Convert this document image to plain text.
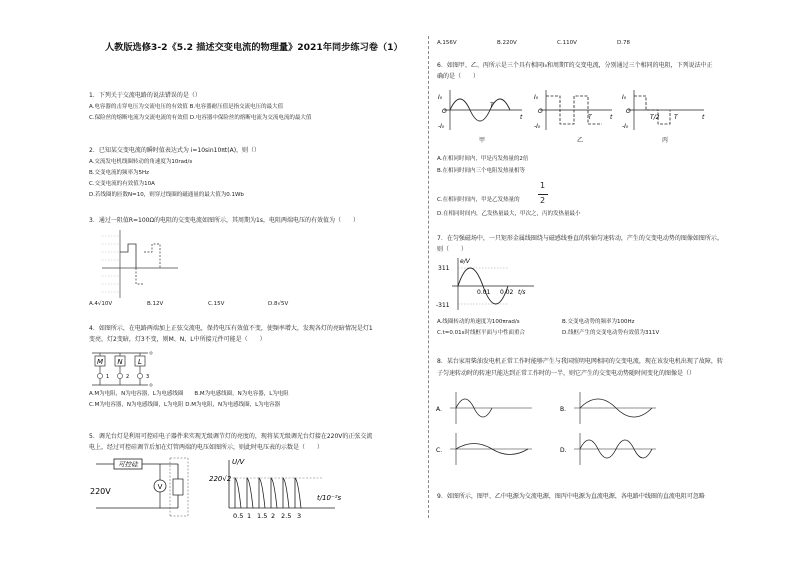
人教版选修3-2《5.2 描述交变电流的物理量》2021年同步练习卷（1）
1．下列关于交流电路的说法错误的是（）
A.电容器的击穿电压为交流电压的有效值 B.电容器耐压值是指交流电压的最大值
C.保险丝的熔断电流为交流电流的有效值 D.电容器中保险丝的熔断电流为交流电流的最大值
2．已知某交变电流的瞬时值表达式为 i=10sin10πt(A)，则（）
A.交流发电机线圈转动的角速度为10rad/s
B.交变电流的频率为5Hz
C.交变电流的有效值为10A
D.若线圈的匝数N=10，则穿过线圈的磁通量的最大值为0.1Wb
3．通过一阻值R=100Ω的电阻的交变电流如图所示，其周期为1s，电阻两端电压的有效值为（　　）
A.4√10V	B.12V	C.15V	D.8√5V
4．如图所示，在电路两端加上正弦交流电，保持电压有效值不变，使频率增大，发现各灯的亮暗情况是灯1
变亮，灯2变暗，灯3不变，则M、N、L中所接元件可能是（　　）
M N L
1	2	3
A.M为电阻，N为电容器，L为电感线圈　　B.M为电感线圈，N为电容器，L为电阻
C.M为电容器，N为电感线圈，L为电阻 D.M为电阻，N为电感线圈，L为电容器
5．调光台灯是利用可控硅电子器件来实现无级调节灯的亮度的，现将某无级调光台灯接在220V的正弦交流
电上，经过可控硅调节后加在灯管两端的电压如图所示，则此时电压表的示数是（　　）
可控硅
V
220V
U/V
220√2
t/10⁻²s
0.5 1 1.5 2 2.5 3
A.156V	B.220V	C.110V	D.78
6．如图甲、乙、丙所示是三个具有相同I₀和周期T的交变电流，分别通过三个相同的电阻，下列说法中正
确的是（　　）
I₀
-I₀
O
T
t
I₀
-I₀
O
T	t
I₀
-I₀
O
T/2 T	t
甲	乙	丙
A.在相同时间内，甲是丙发热量的2倍
B.在相同时间内三个电阻发热量相等
C.在相同时间内，甲是乙发热量的
1
2
D.在相同时间内，乙发热量最大，甲次之，丙的发热量最小
7．在匀强磁场中，一只矩形金属线圈绕与磁感线垂直的转轴匀速转动，产生的交变电动势的图像如图所示。
则（　　）
e/V
311
-311
0.01 0.02 t/s
A.线圈转动的角速度为100πrad/s	B.交变电动势的频率为100Hz
C.t=0.01s时线框平面与中性面重合	D.线框产生的交变电动势有效值为311V
8．某台家用柴油发电机正常工作时能够产生与我国照明电网相同的交变电流，现在该发电机出现了故障，转
子匀速转动时的转速只能达到正常工作时的一半，则它产生的交变电动势随时间变化的图像是（）
A.	B.
C.	D.
9．如图所示，图甲、乙中电源为交流电源，图丙中电源为直流电源，各电路中线圈的直流电阻可忽略
